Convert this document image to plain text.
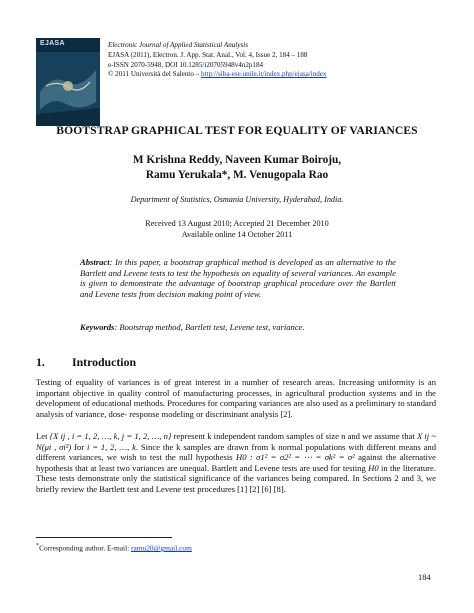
EJASA	Electronic Journal of Applied Statistical Analysis
EJASA (2011), Electron. J. App. Stat. Anal., Vol. 4, Issue 2, 184 – 188
e-ISSN 2070-5948, DOI 10.1285/i20705948v4n2p184
© 2011 Università del Salento – http://siba-ese.unile.it/index.php/ejasa/index
BOOTSTRAP GRAPHICAL TEST FOR EQUALITY OF VARIANCES
M Krishna Reddy, Naveen Kumar Boiroju,
Ramu Yerukala*, M. Venugopala Rao
Department of Statistics, Osmania University, Hyderabad, India.
Received 13 August 2010; Accepted 21 December 2010
Available online 14 October 2011
Abstract: In this paper, a bootstrap graphical method is developed as an alternative to the Bartlett and Levene tests to test the hypothesis on equality of several variances. An example is given to demonstrate the advantage of bootstrap graphical procedure over the Bartlett and Levene tests from decision making point of view.
Keywords: Bootstrap method, Bartlett test, Levene test, variance.
1. Introduction
Testing of equality of variances is of great interest in a number of research areas. Increasing uniformity is an important objective in quality control of manufacturing processes, in agricultural production systems and in the development of educational methods. Procedures for comparing variances are also used as a preliminary to standard analysis of variance, dose- response modeling or discriminant analysis [2].
Let {X ij , i = 1, 2, …, k, j = 1, 2, …, n} represent k independent random samples of size n and we assume that X ij ~ N(μi , σi²) for i = 1, 2, …, k. Since the k samples are drawn from k normal populations with different means and different variances, we wish to test the null hypothesis H0 : σ1² = σ2² = ⋯ = σk² = σ² against the alternative hypothesis that at least two variances are unequal. Bartlett and Levene tests are used for testing H0 in the literature. These tests demonstrate only the statistical significance of the variances being compared. In Sections 2 and 3, we briefly review the Bartlett test and Levene test procedures [1] [2] [6] [8].
*Corresponding author. E-mail: ramu20@gmail.com
184
